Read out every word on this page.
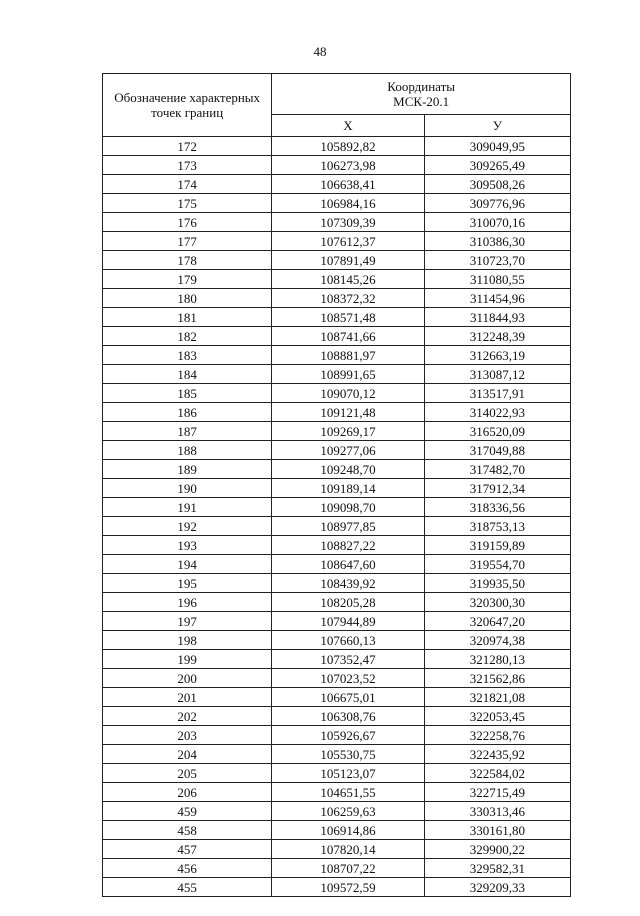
48
Обозначение характерных точек границ	Координаты
МСК-20.1	

	X	У
172	105892,82	309049,95
173	106273,98	309265,49
174	106638,41	309508,26
175	106984,16	309776,96
176	107309,39	310070,16
177	107612,37	310386,30
178	107891,49	310723,70
179	108145,26	311080,55
180	108372,32	311454,96
181	108571,48	311844,93
182	108741,66	312248,39
183	108881,97	312663,19
184	108991,65	313087,12
185	109070,12	313517,91
186	109121,48	314022,93
187	109269,17	316520,09
188	109277,06	317049,88
189	109248,70	317482,70
190	109189,14	317912,34
191	109098,70	318336,56
192	108977,85	318753,13
193	108827,22	319159,89
194	108647,60	319554,70
195	108439,92	319935,50
196	108205,28	320300,30
197	107944,89	320647,20
198	107660,13	320974,38
199	107352,47	321280,13
200	107023,52	321562,86
201	106675,01	321821,08
202	106308,76	322053,45
203	105926,67	322258,76
204	105530,75	322435,92
205	105123,07	322584,02
206	104651,55	322715,49
459	106259,63	330313,46
458	106914,86	330161,80
457	107820,14	329900,22
456	108707,22	329582,31
455	109572,59	329209,33
